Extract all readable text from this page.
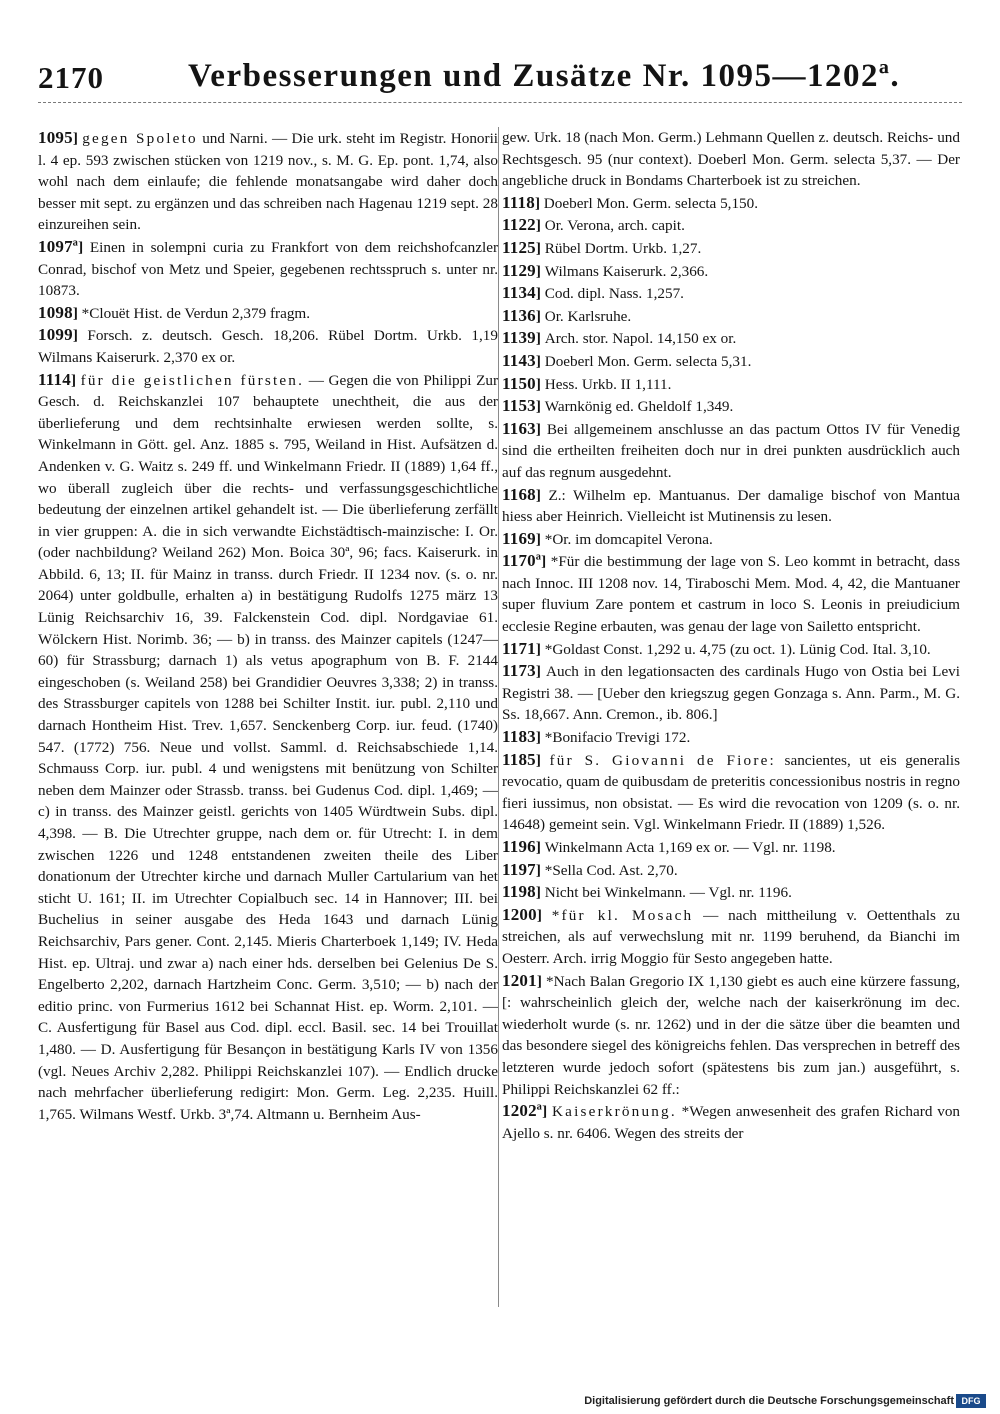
2170	Verbesserungen und Zusätze Nr. 1095—1202ª.

1095] gegen Spoleto und Narni. — Die urk. steht im Registr. Honorii l. 4 ep. 593 zwischen stücken von 1219 nov., s. M. G. Ep. pont. 1,74, also wohl nach dem einlaufe; die fehlende monatsangabe wird daher doch besser mit sept. zu ergänzen und das schreiben nach Hagenau 1219 sept. 28 einzureihen sein.

1097ª] Einen in solempni curia zu Frankfort von dem reichshofcanzler Conrad, bischof von Metz und Speier, gegebenen rechtsspruch s. unter nr. 10873.

1098] *Clouët Hist. de Verdun 2,379 fragm.

1099] Forsch. z. deutsch. Gesch. 18,206. Rübel Dortm. Urkb. 1,19 Wilmans Kaiserurk. 2,370 ex or.

1114] für die geistlichen fürsten. — Gegen die von Philippi Zur Gesch. d. Reichskanzlei 107 behauptete unechtheit, die aus der überlieferung und dem rechtsinhalte erwiesen werden sollte, s. Winkelmann in Gött. gel. Anz. 1885 s. 795, Weiland in Hist. Aufsätzen d. Andenken v. G. Waitz s. 249 ff. und Winkelmann Friedr. II (1889) 1,64 ff., wo überall zugleich über die rechts- und verfassungsgeschichtliche bedeutung der einzelnen artikel gehandelt ist. — Die überlieferung zerfällt in vier gruppen: A. die in sich verwandte Eichstädtisch-mainzische: I. Or. (oder nachbildung? Weiland 262) Mon. Boica 30ª, 96; facs. Kaiserurk. in Abbild. 6, 13; II. für Mainz in transs. durch Friedr. II 1234 nov. (s. o. nr. 2064) unter goldbulle, erhalten a) in bestätigung Rudolfs 1275 märz 13 Lünig Reichsarchiv 16, 39. Falckenstein Cod. dipl. Nordgaviae 61. Wölckern Hist. Norimb. 36; — b) in transs. des Mainzer capitels (1247—60) für Strassburg; darnach 1) als vetus apographum von B. F. 2144 eingeschoben (s. Weiland 258) bei Grandidier Oeuvres 3,338; 2) in transs. des Strassburger capitels von 1288 bei Schilter Instit. iur. publ. 2,110 und darnach Hontheim Hist. Trev. 1,657. Senckenberg Corp. iur. feud. (1740) 547. (1772) 756. Neue und vollst. Samml. d. Reichsabschiede 1,14. Schmauss Corp. iur. publ. 4 und wenigstens mit benützung von Schilter neben dem Mainzer oder Strassb. transs. bei Gudenus Cod. dipl. 1,469; — c) in transs. des Mainzer geistl. gerichts von 1405 Würdtwein Subs. dipl. 4,398. — B. Die Utrechter gruppe, nach dem or. für Utrecht: I. in dem zwischen 1226 und 1248 entstandenen zweiten theile des Liber donationum der Utrechter kirche und darnach Muller Cartularium van het sticht U. 161; II. im Utrechter Copialbuch sec. 14 in Hannover; III. bei Buchelius in seiner ausgabe des Heda 1643 und darnach Lünig Reichsarchiv, Pars gener. Cont. 2,145. Mieris Charterboek 1,149; IV. Heda Hist. ep. Ultraj. und zwar a) nach einer hds. derselben bei Gelenius De S. Engelberto 2,202, darnach Hartzheim Conc. Germ. 3,510; — b) nach der editio princ. von Furmerius 1612 bei Schannat Hist. ep. Worm. 2,101. — C. Ausfertigung für Basel aus Cod. dipl. eccl. Basil. sec. 14 bei Trouillat 1,480. — D. Ausfertigung für Besançon in bestätigung Karls IV von 1356 (vgl. Neues Archiv 2,282. Philippi Reichskanzlei 107). — Endlich drucke nach mehrfacher überlieferung redigirt: Mon. Germ. Leg. 2,235. Huill. 1,765. Wilmans Westf. Urkb. 3ª,74. Altmann u. Bernheim Aus-

gew. Urk. 18 (nach Mon. Germ.) Lehmann Quellen z. deutsch. Reichs- und Rechtsgesch. 95 (nur context). Doeberl Mon. Germ. selecta 5,37. — Der angebliche druck in Bondams Charterboek ist zu streichen.

1118] Doeberl Mon. Germ. selecta 5,150.

1122] Or. Verona, arch. capit.

1125] Rübel Dortm. Urkb. 1,27.

1129] Wilmans Kaiserurk. 2,366.

1134] Cod. dipl. Nass. 1,257.

1136] Or. Karlsruhe.

1139] Arch. stor. Napol. 14,150 ex or.

1143] Doeberl Mon. Germ. selecta 5,31.

1150] Hess. Urkb. II 1,111.

1153] Warnkönig ed. Gheldolf 1,349.

1163] Bei allgemeinem anschlusse an das pactum Ottos IV für Venedig sind die ertheilten freiheiten doch nur in drei punkten ausdrücklich auch auf das regnum ausgedehnt.

1168] Z.: Wilhelm ep. Mantuanus. Der damalige bischof von Mantua hiess aber Heinrich. Vielleicht ist Mutinensis zu lesen.

1169] *Or. im domcapitel Verona.

1170ª] *Für die bestimmung der lage von S. Leo kommt in betracht, dass nach Innoc. III 1208 nov. 14, Tiraboschi Mem. Mod. 4, 42, die Mantuaner super fluvium Zare pontem et castrum in loco S. Leonis in preiudicium ecclesie Regine erbauten, was genau der lage von Sailetto entspricht.

1171] *Goldast Const. 1,292 u. 4,75 (zu oct. 1). Lünig Cod. Ital. 3,10.

1173] Auch in den legationsacten des cardinals Hugo von Ostia bei Levi Registri 38. — [Ueber den kriegszug gegen Gonzaga s. Ann. Parm., M. G. Ss. 18,667. Ann. Cremon., ib. 806.]

1183] *Bonifacio Trevigi 172.

1185] für S. Giovanni de Fiore: sancientes, ut eis generalis revocatio, quam de quibusdam de preteritis concessionibus nostris in regno fieri iussimus, non obsistat. — Es wird die revocation von 1209 (s. o. nr. 14648) gemeint sein. Vgl. Winkelmann Friedr. II (1889) 1,526.

1196] Winkelmann Acta 1,169 ex or. — Vgl. nr. 1198.

1197] *Sella Cod. Ast. 2,70.

1198] Nicht bei Winkelmann. — Vgl. nr. 1196.

1200] *für kl. Mosach — nach mittheilung v. Oettenthals zu streichen, als auf verwechslung mit nr. 1199 beruhend, da Bianchi im Oesterr. Arch. irrig Moggio für Sesto angegeben hatte.

1201] *Nach Balan Gregorio IX 1,130 giebt es auch eine kürzere fassung, [: wahrscheinlich gleich der, welche nach der kaiserkrönung im dec. wiederholt wurde (s. nr. 1262) und in der die sätze über die beamten und das besondere siegel des königreichs fehlen. Das versprechen in betreff des letzteren wurde jedoch sofort (spätestens bis zum jan.) ausgeführt, s. Philippi Reichskanzlei 62 ff.:

1202ª] Kaiserkrönung. *Wegen anwesenheit des grafen Richard von Ajello s. nr. 6406. Wegen des streits der

Digitalisierung gefördert durch die Deutsche Forschungsgemeinschaft DFG
